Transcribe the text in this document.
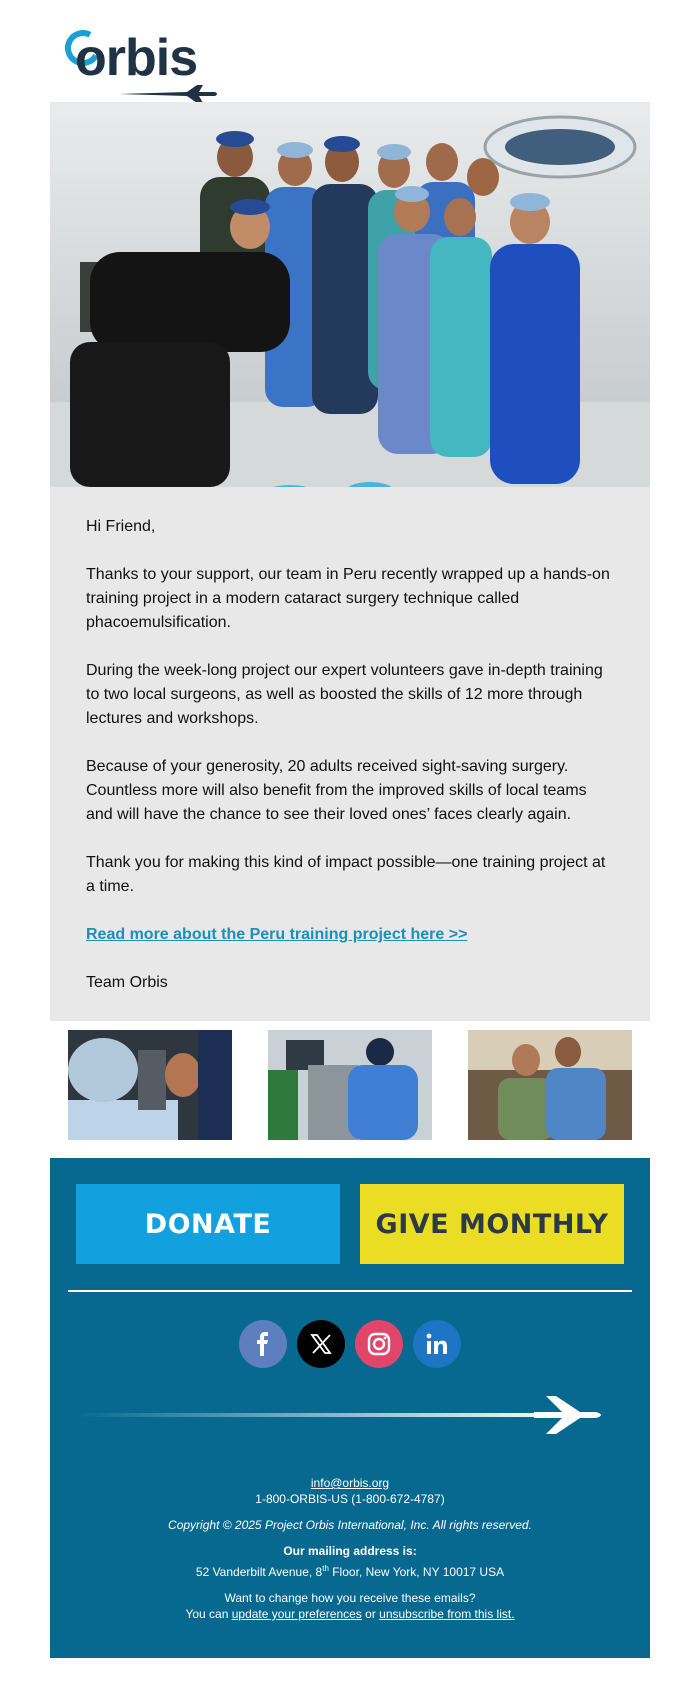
orbis

Hi Friend,

Thanks to your support, our team in Peru recently wrapped up a hands-on training project in a modern cataract surgery technique called phacoemulsification.

During the week-long project our expert volunteers gave in-depth training to two local surgeons, as well as boosted the skills of 12 more through lectures and workshops.

Because of your generosity, 20 adults received sight-saving surgery. Countless more will also benefit from the improved skills of local teams and will have the chance to see their loved ones’ faces clearly again.

Thank you for making this kind of impact possible—one training project at a time.

Read more about the Peru training project here >>

Team Orbis

DONATE	GIVE MONTHLY
info@orbis.org
1-800-ORBIS-US (1-800-672-4787)
Copyright © 2025 Project Orbis International, Inc. All rights reserved.
Our mailing address is:
52 Vanderbilt Avenue, 8th Floor, New York, NY 10017 USA
Want to change how you receive these emails?
You can update your preferences or unsubscribe from this list.
